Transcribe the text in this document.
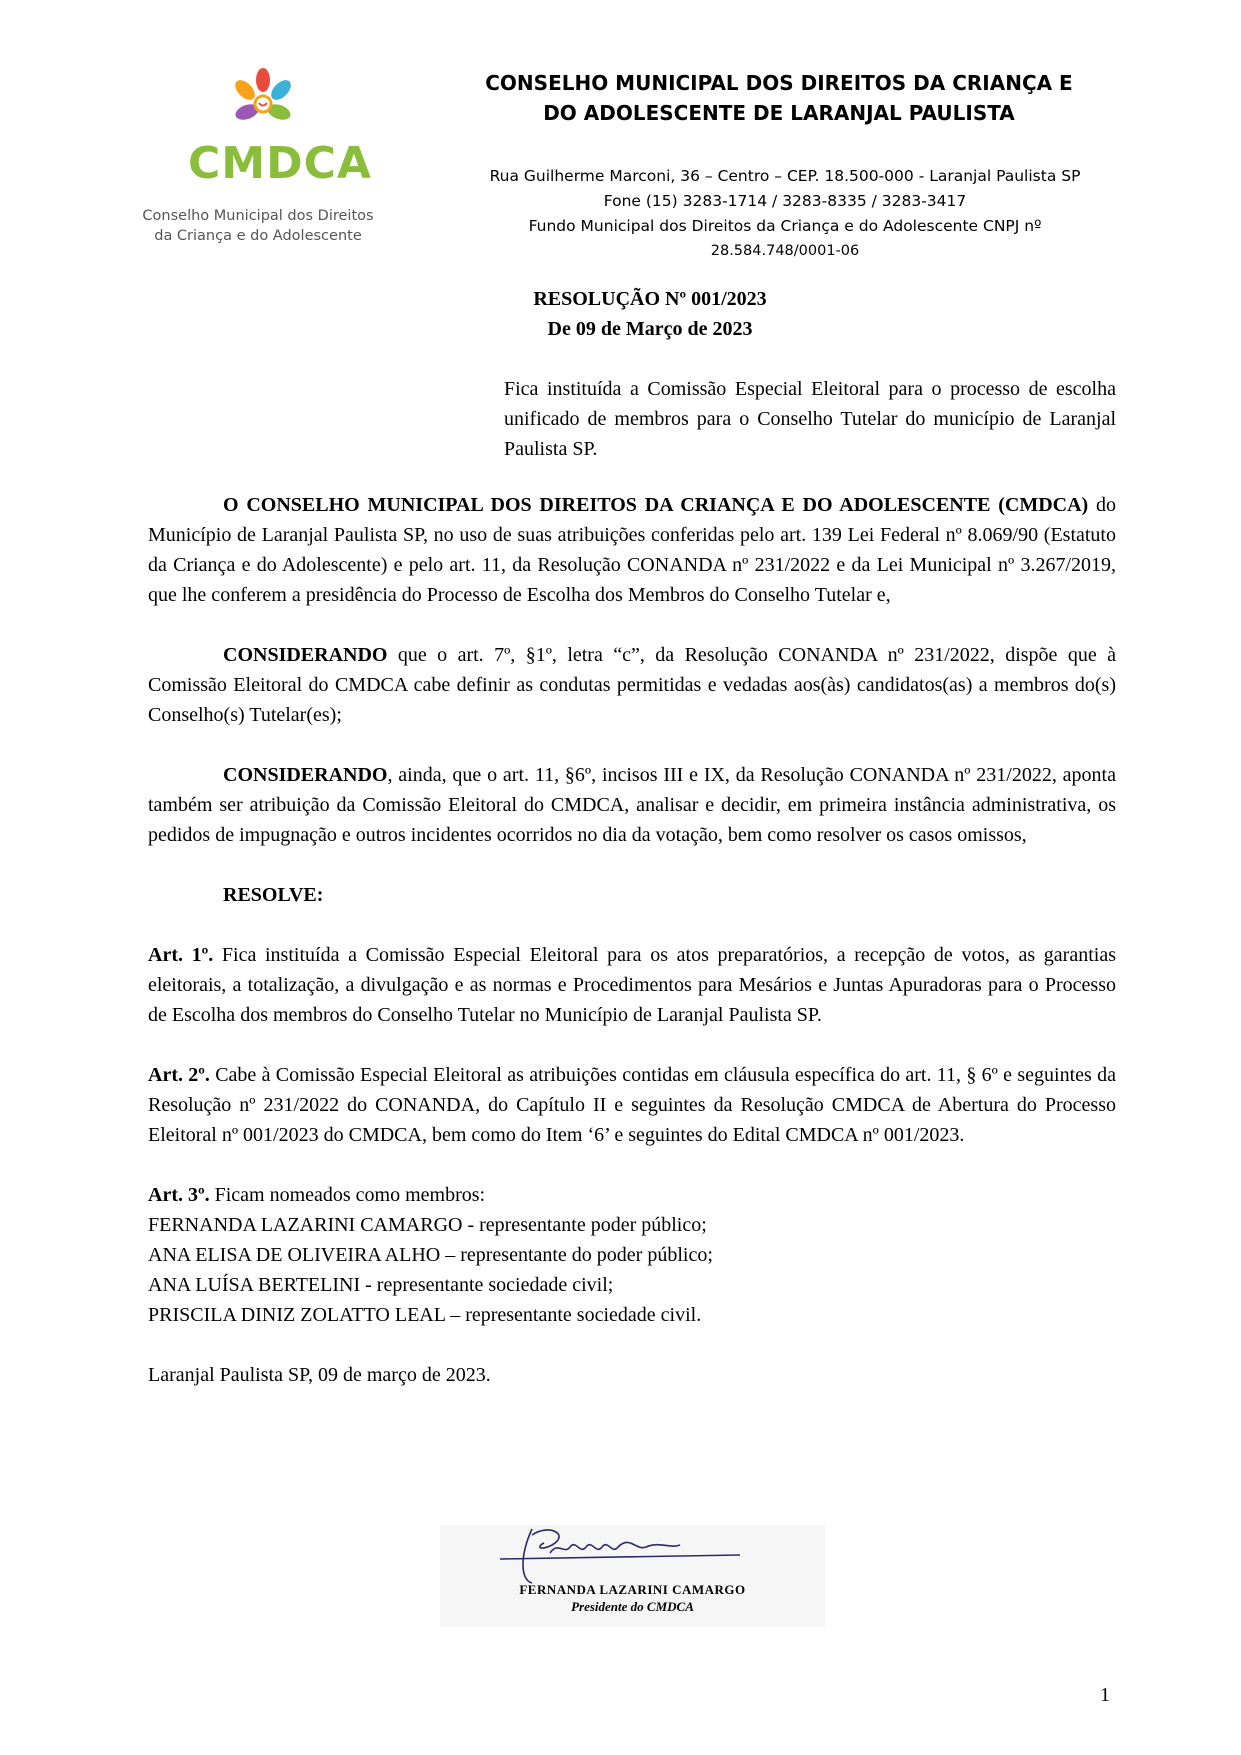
CMDCA
Conselho Municipal dos Direitos
da Criança e do Adolescente
CONSELHO MUNICIPAL DOS DIREITOS DA CRIANÇA E
DO ADOLESCENTE DE LARANJAL PAULISTA
Rua Guilherme Marconi, 36 – Centro – CEP. 18.500-000 - Laranjal Paulista SP
Fone (15) 3283-1714 / 3283-8335 / 3283-3417
Fundo Municipal dos Direitos da Criança e do Adolescente CNPJ nº
28.584.748/0001-06
RESOLUÇÃO Nº 001/2023
De 09 de Março de 2023
Fica instituída a Comissão Especial Eleitoral para o processo de escolha unificado de membros para o Conselho Tutelar do município de Laranjal Paulista SP.

O CONSELHO MUNICIPAL DOS DIREITOS DA CRIANÇA E DO ADOLESCENTE (CMDCA) do Município de Laranjal Paulista SP, no uso de suas atribuições conferidas pelo art. 139 Lei Federal nº 8.069/90 (Estatuto da Criança e do Adolescente) e pelo art. 11, da Resolução CONANDA nº 231/2022 e da Lei Municipal nº 3.267/2019, que lhe conferem a presidência do Processo de Escolha dos Membros do Conselho Tutelar e,

CONSIDERANDO que o art. 7º, §1º, letra “c”, da Resolução CONANDA nº 231/2022, dispõe que à Comissão Eleitoral do CMDCA cabe definir as condutas permitidas e vedadas aos(às) candidatos(as) a membros do(s) Conselho(s) Tutelar(es);

CONSIDERANDO, ainda, que o art. 11, §6º, incisos III e IX, da Resolução CONANDA nº 231/2022, aponta também ser atribuição da Comissão Eleitoral do CMDCA, analisar e decidir, em primeira instância administrativa, os pedidos de impugnação e outros incidentes ocorridos no dia da votação, bem como resolver os casos omissos,

RESOLVE:

Art. 1º. Fica instituída a Comissão Especial Eleitoral para os atos preparatórios, a recepção de votos, as garantias eleitorais, a totalização, a divulgação e as normas e Procedimentos para Mesários e Juntas Apuradoras para o Processo de Escolha dos membros do Conselho Tutelar no Município de Laranjal Paulista SP.

Art. 2º. Cabe à Comissão Especial Eleitoral as atribuições contidas em cláusula específica do art. 11, § 6º e seguintes da Resolução nº 231/2022 do CONANDA, do Capítulo II e seguintes da Resolução CMDCA de Abertura do Processo Eleitoral nº 001/2023 do CMDCA, bem como do Item ‘6’ e seguintes do Edital CMDCA nº 001/2023.

Art. 3º. Ficam nomeados como membros:
FERNANDA LAZARINI CAMARGO - representante poder público;
ANA ELISA DE OLIVEIRA ALHO – representante do poder público;
ANA LUÍSA BERTELINI - representante sociedade civil;
PRISCILA DINIZ ZOLATTO LEAL – representante sociedade civil.

Laranjal Paulista SP, 09 de março de 2023.

FERNANDA LAZARINI CAMARGO
Presidente do CMDCA
1
